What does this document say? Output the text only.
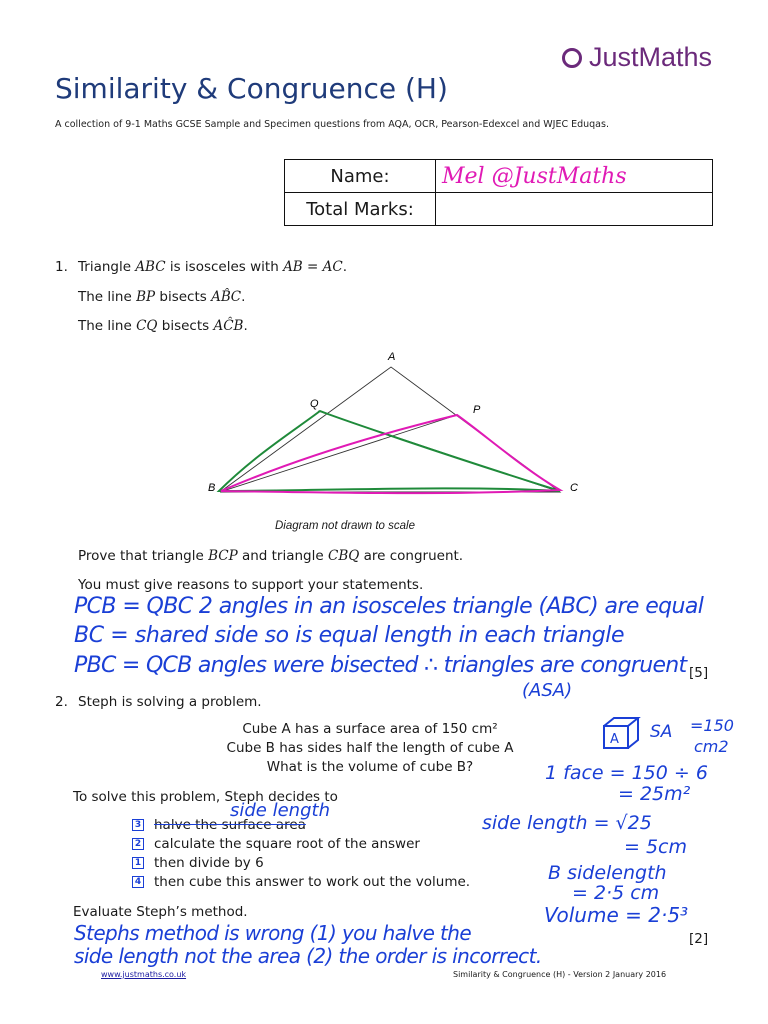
JustMaths
Similarity & Congruence (H)
A collection of 9-1 Maths GCSE Sample and Specimen questions from AQA, OCR, Pearson-Edexcel and WJEC Eduqas.
Name:	Mel @JustMaths
Total Marks:	
1. Triangle ABC is isosceles with AB = AC.
The line BP bisects AB̂C.
The line CQ bisects AĈB.
A
B	C
P
Q
Diagram not drawn to scale
Prove that triangle BCP and triangle CBQ are congruent.
You must give reasons to support your statements.
PCB = QBC 2 angles in an isosceles triangle (ABC) are equal
BC = shared side so is equal length in each triangle
PBC = QCB angles were bisected ∴ triangles are congruent
(ASA)
[5]
2. Steph is solving a problem.
Cube A has a surface area of 150 cm²
Cube B has sides half the length of cube A
What is the volume of cube B?
To solve this problem, Steph decides to
side length
3 halve the surface area
2 calculate the square root of the answer
1 then divide by 6
4 then cube this answer to work out the volume.
Evaluate Steph’s method.
A SA =150
cm2
1 face = 150 ÷ 6
= 25m²
side length = √25
= 5cm
B sidelength
= 2·5 cm
Volume = 2·5³
Stephs method is wrong (1) you halve the
side length not the area (2) the order is incorrect.
[2]
www.justmaths.co.uk	Similarity & Congruence (H) - Version 2 January 2016
